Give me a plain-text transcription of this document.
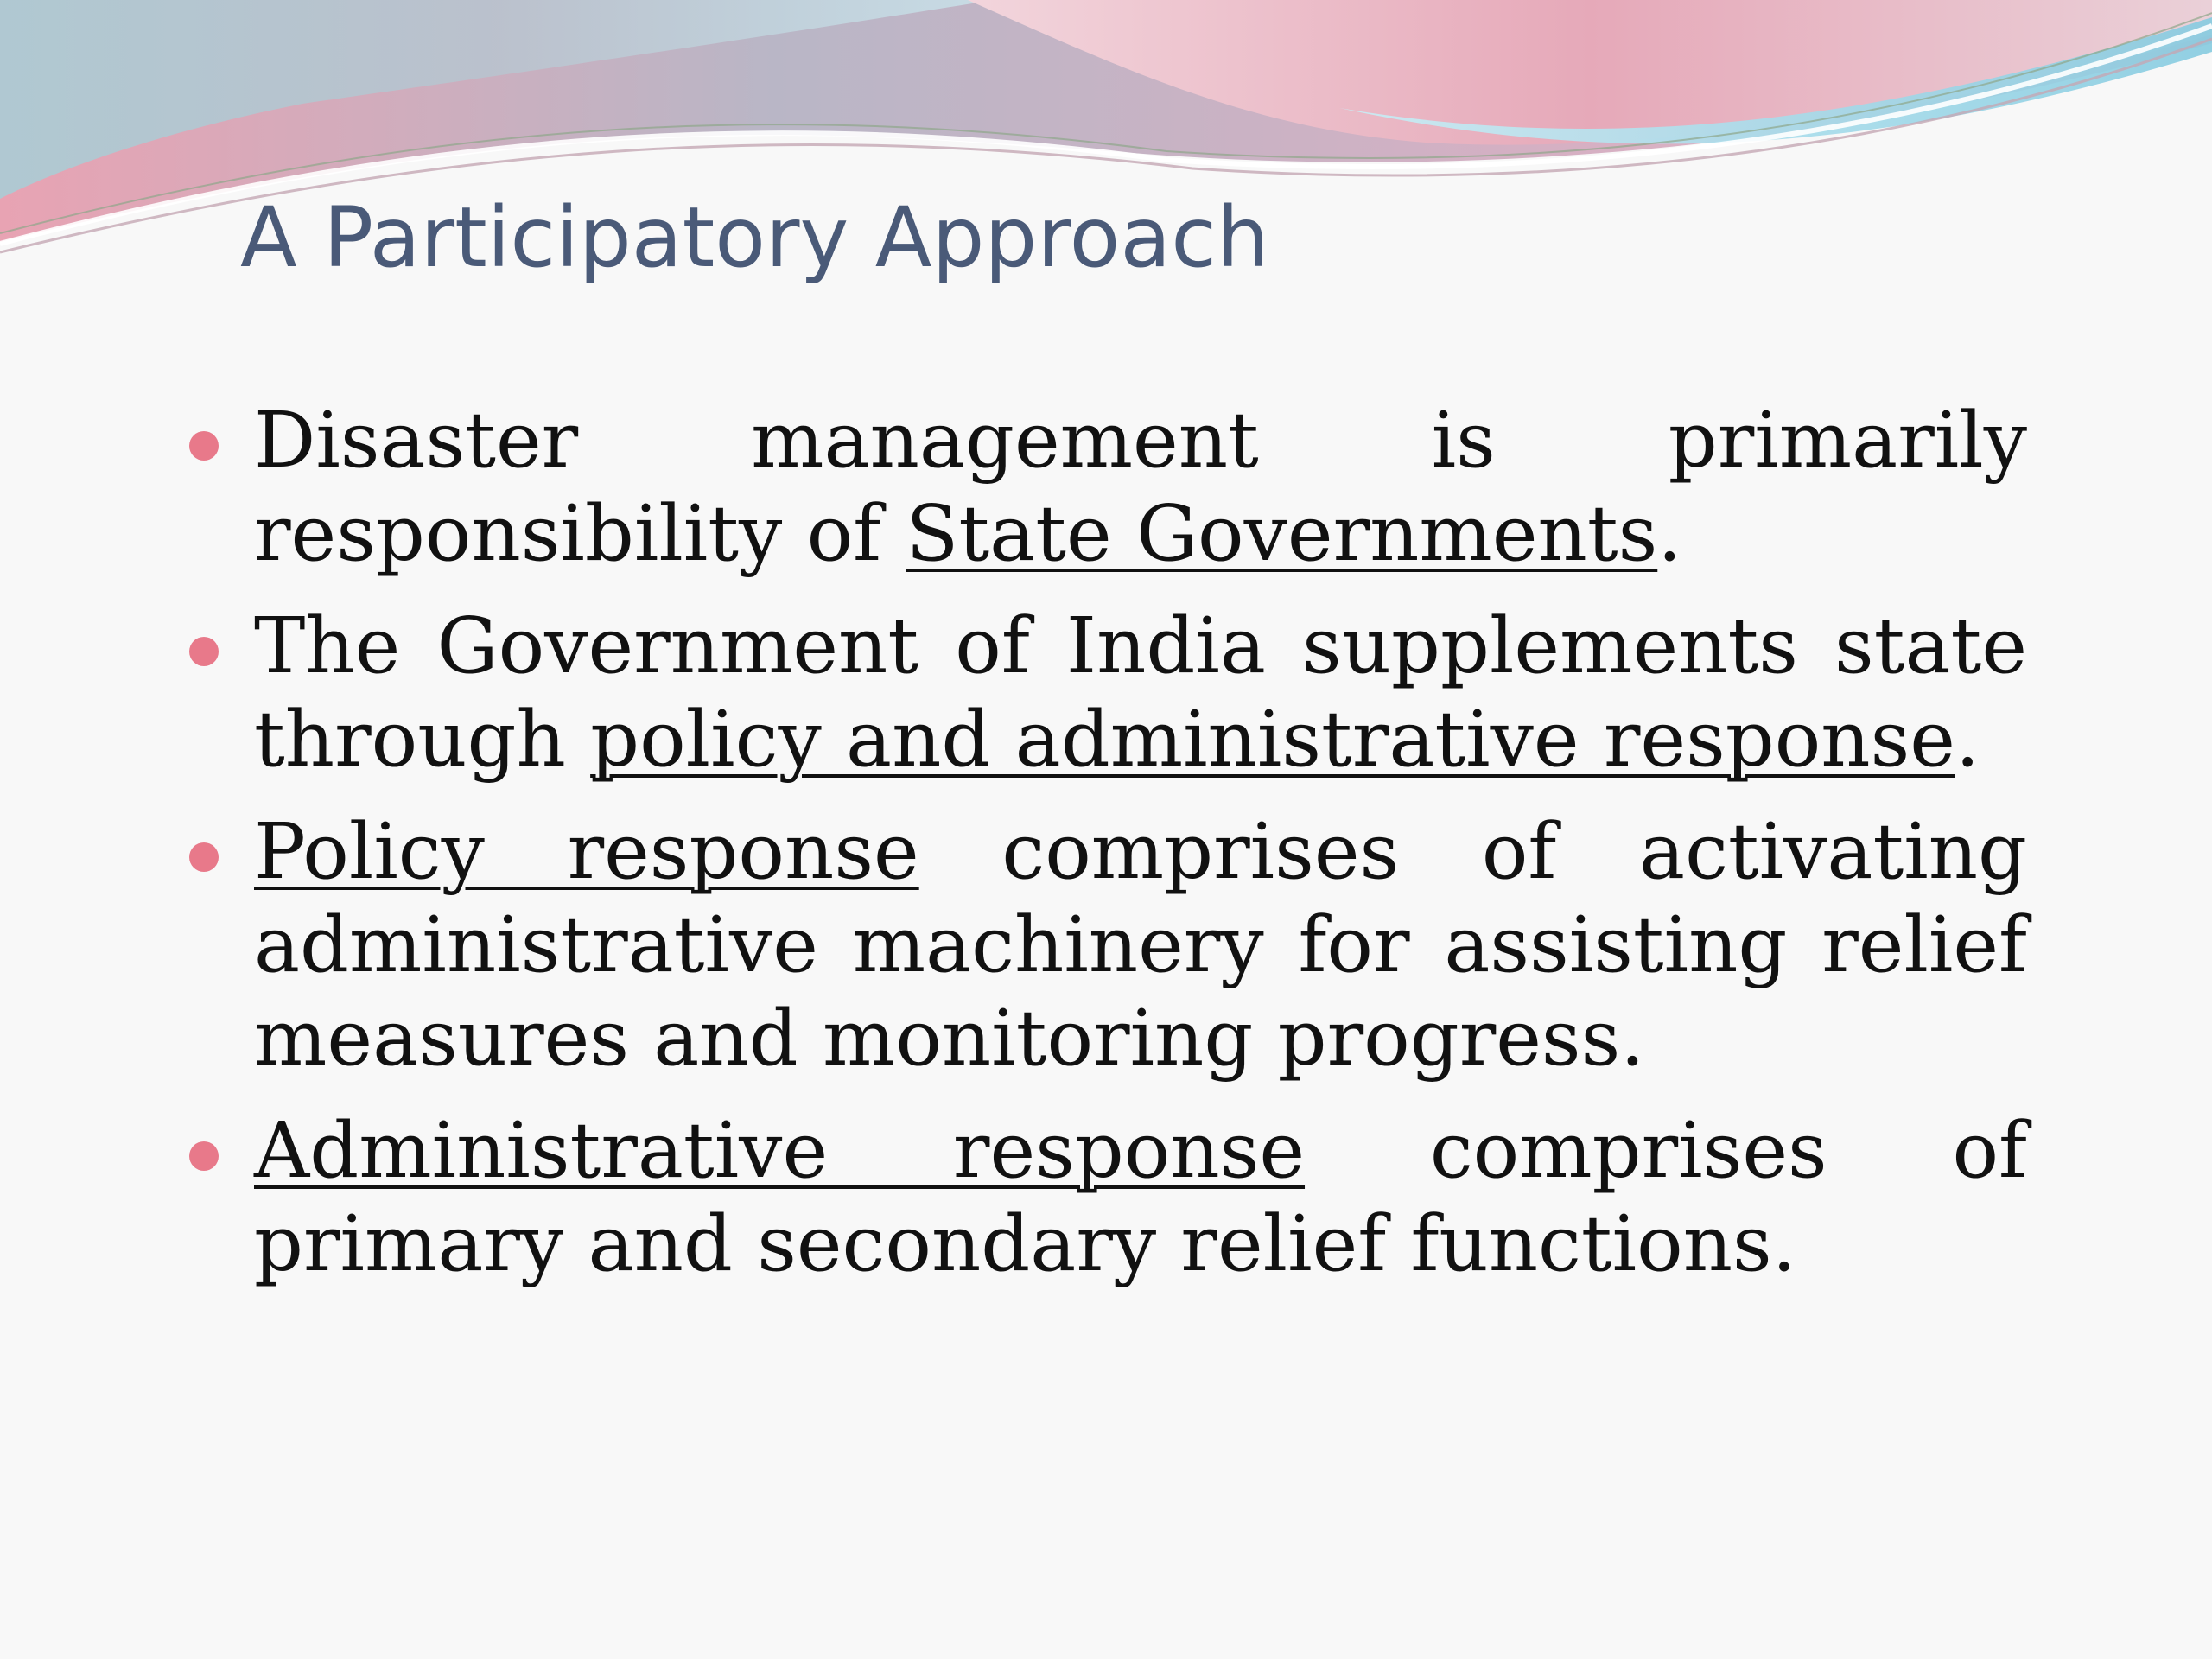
A Participatory Approach
Disaster management is primarily responsibility of State Governments.
The Government of India supplements state through policy and administrative response.
Policy response comprises of activating administrative machinery for assisting relief measures and monitoring progress.
Administrative response comprises of primary and secondary relief functions.
